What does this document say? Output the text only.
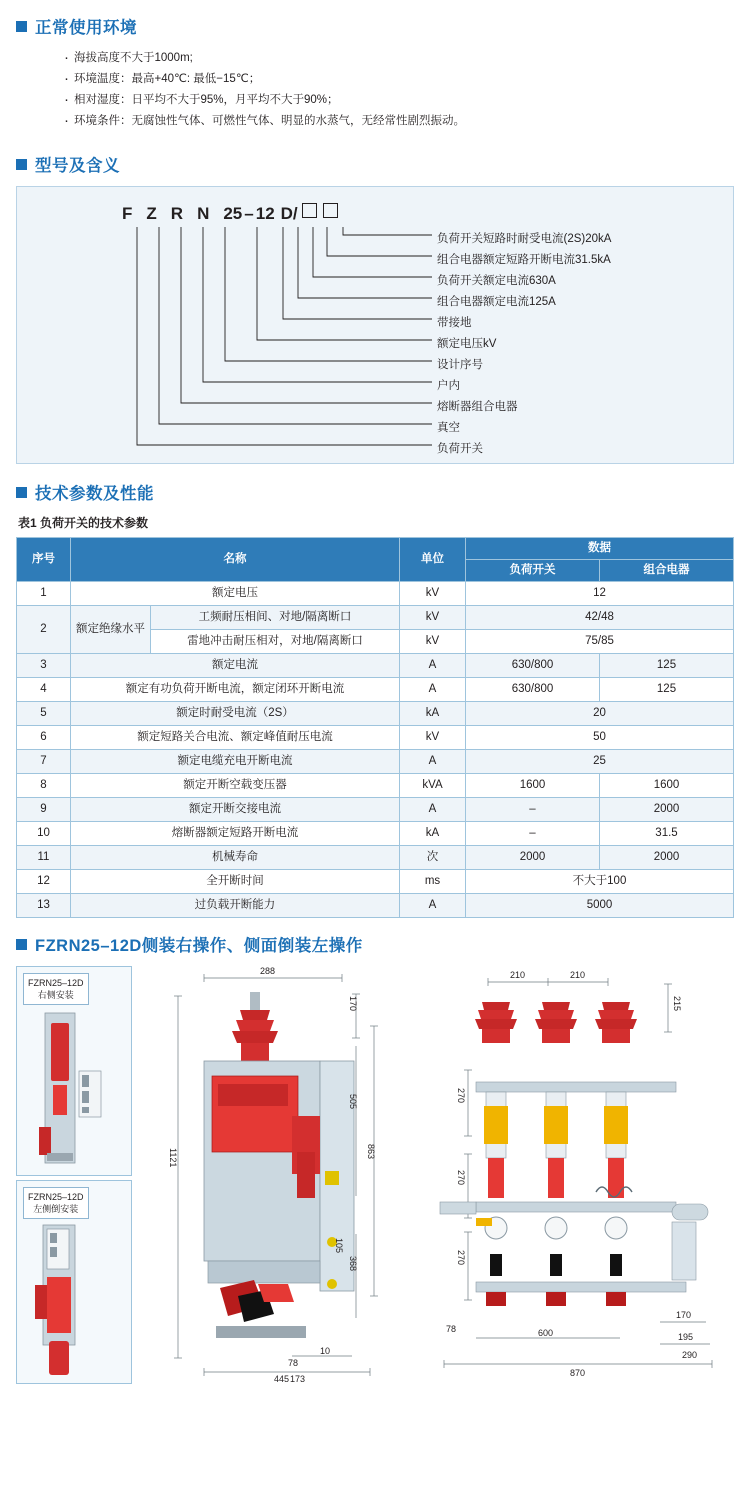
正常使用环境
· 海拔高度不大于1000m;
· 环境温度：最高+40℃: 最低−15℃；
· 相对湿度：日平均不大于95%，月平均不大于90%；
· 环境条件：无腐蚀性气体、可燃性气体、明显的水蒸气，无经常性剧烈振动。
型号及含义
F Z R N 25 – 12 D/
负荷开关短路时耐受电流(2S)20kA
组合电器额定短路开断电流31.5kA
负荷开关额定电流630A
组合电器额定电流125A
带接地
额定电压kV
设计序号
户内
熔断器组合电器
真空
负荷开关
技术参数及性能
表1 负荷开关的技术参数
序号	名称		单位	数据	
				负荷开关	组合电器
1	额定电压		kV	12	
2	额定绝缘水平	工频耐压相间、对地/隔离断口	kV	42/48	
		雷地冲击耐压相对，对地/隔离断口	kV	75/85	
3	额定电流		A	630/800	125
4	额定有功负荷开断电流，额定闭环开断电流		A	630/800	125
5	额定时耐受电流（2S）		kA	20	
6	额定短路关合电流、额定峰值耐压电流		kV	50	
7	额定电缆充电开断电流		A	25	
8	额定开断空载变压器		kVA	1600	1600
9	额定开断交接电流		A	–	2000
10	熔断器额定短路开断电流		kA	–	31.5
11	机械寿命		次	2000	2000
12	全开断时间		ms	不大于100	
13	过负载开断能力		A	5000	
FZRN25–12D侧装右操作、侧面倒装左操作
FZRN25–12D
右侧安装
FZRN25–12D
左侧倒安装
288
170
505
863
1121
105
368
10
78
173
445
210	210
215
270
270
270
78	600
170
195
290
870
